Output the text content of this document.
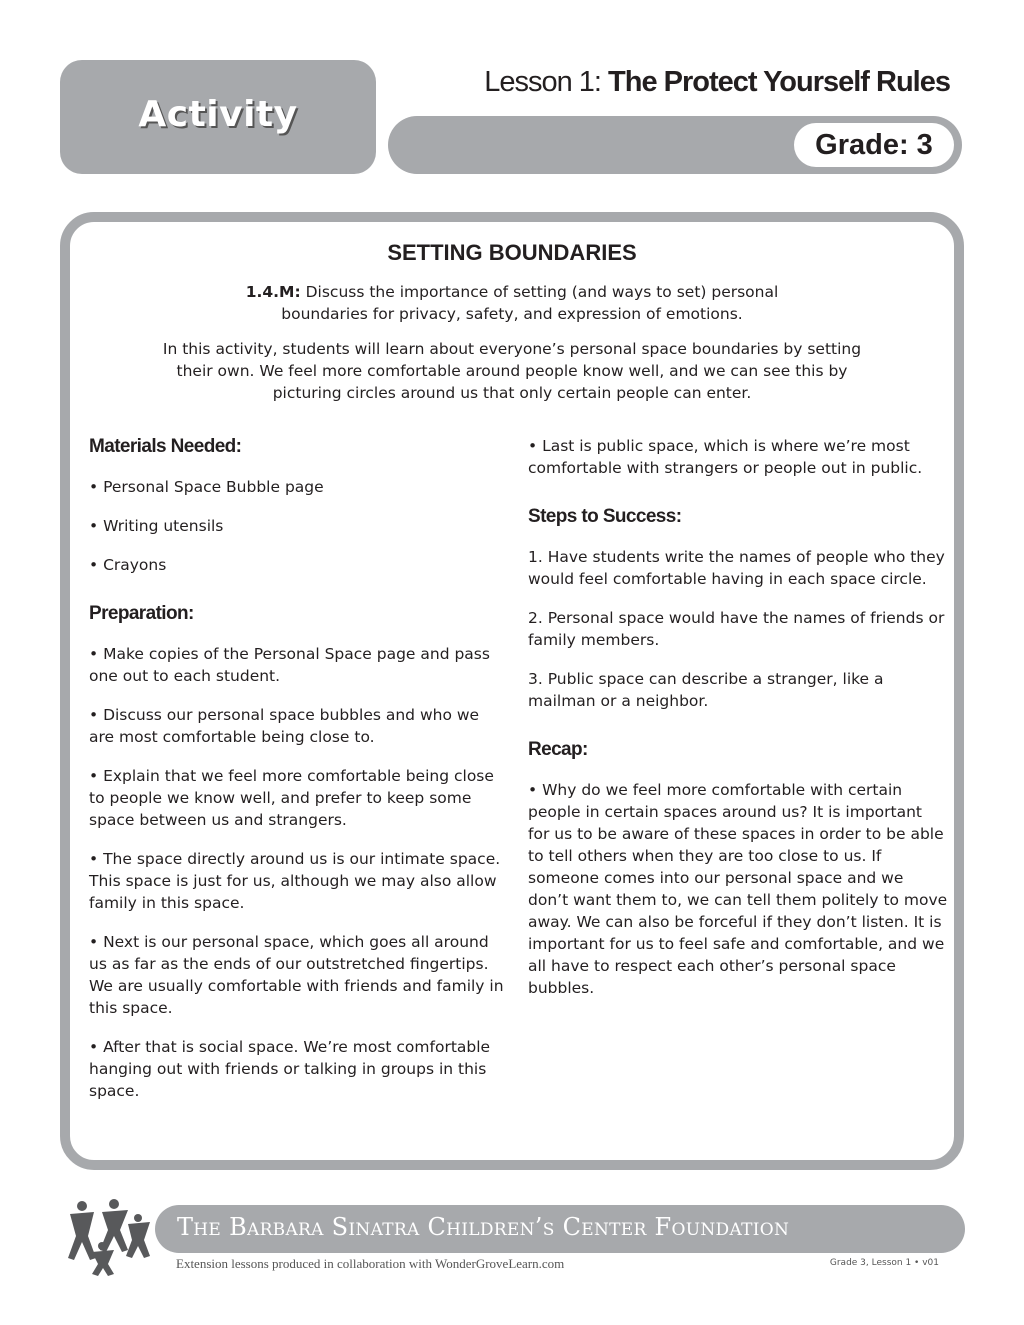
Activity
Lesson 1: The Protect Yourself Rules
Grade: 3
SETTING BOUNDARIES
1.4.M: Discuss the importance of setting (and ways to set) personal
boundaries for privacy, safety, and expression of emotions.
In this activity, students will learn about everyone’s personal space boundaries by setting
their own. We feel more comfortable around people know well, and we can see this by
picturing circles around us that only certain people can enter.
Materials Needed:

• Personal Space Bubble page

• Writing utensils

• Crayons

Preparation:

• Make copies of the Personal Space page and pass one out to each student.

• Discuss our personal space bubbles and who we are most comfortable being close to.

• Explain that we feel more comfortable being close to people we know well, and prefer to keep some space between us and strangers.

• The space directly around us is our intimate space. This space is just for us, although we may also allow family in this space.

• Next is our personal space, which goes all around us as far as the ends of our outstretched fingertips. We are usually comfortable with friends and family in this space.

• After that is social space. We’re most comfortable hanging out with friends or talking in groups in this space.

• Last is public space, which is where we’re most comfortable with strangers or people out in public.

Steps to Success:

1. Have students write the names of people who they would feel comfortable having in each space circle.

2. Personal space would have the names of friends or family members.

3. Public space can describe a stranger, like a mailman or a neighbor.

Recap:

• Why do we feel more comfortable with certain people in certain spaces around us? It is important for us to be aware of these spaces in order to be able to tell others when they are too close to us. If someone comes into our personal space and we don’t want them to, we can tell them politely to move away. We can also be forceful if they don’t listen. It is important for us to feel safe and comfortable, and we all have to respect each other’s personal space bubbles.

The Barbara Sinatra Children’s Center Foundation
Extension lessons produced in collaboration with WonderGroveLearn.com	Grade 3, Lesson 1 • v01
